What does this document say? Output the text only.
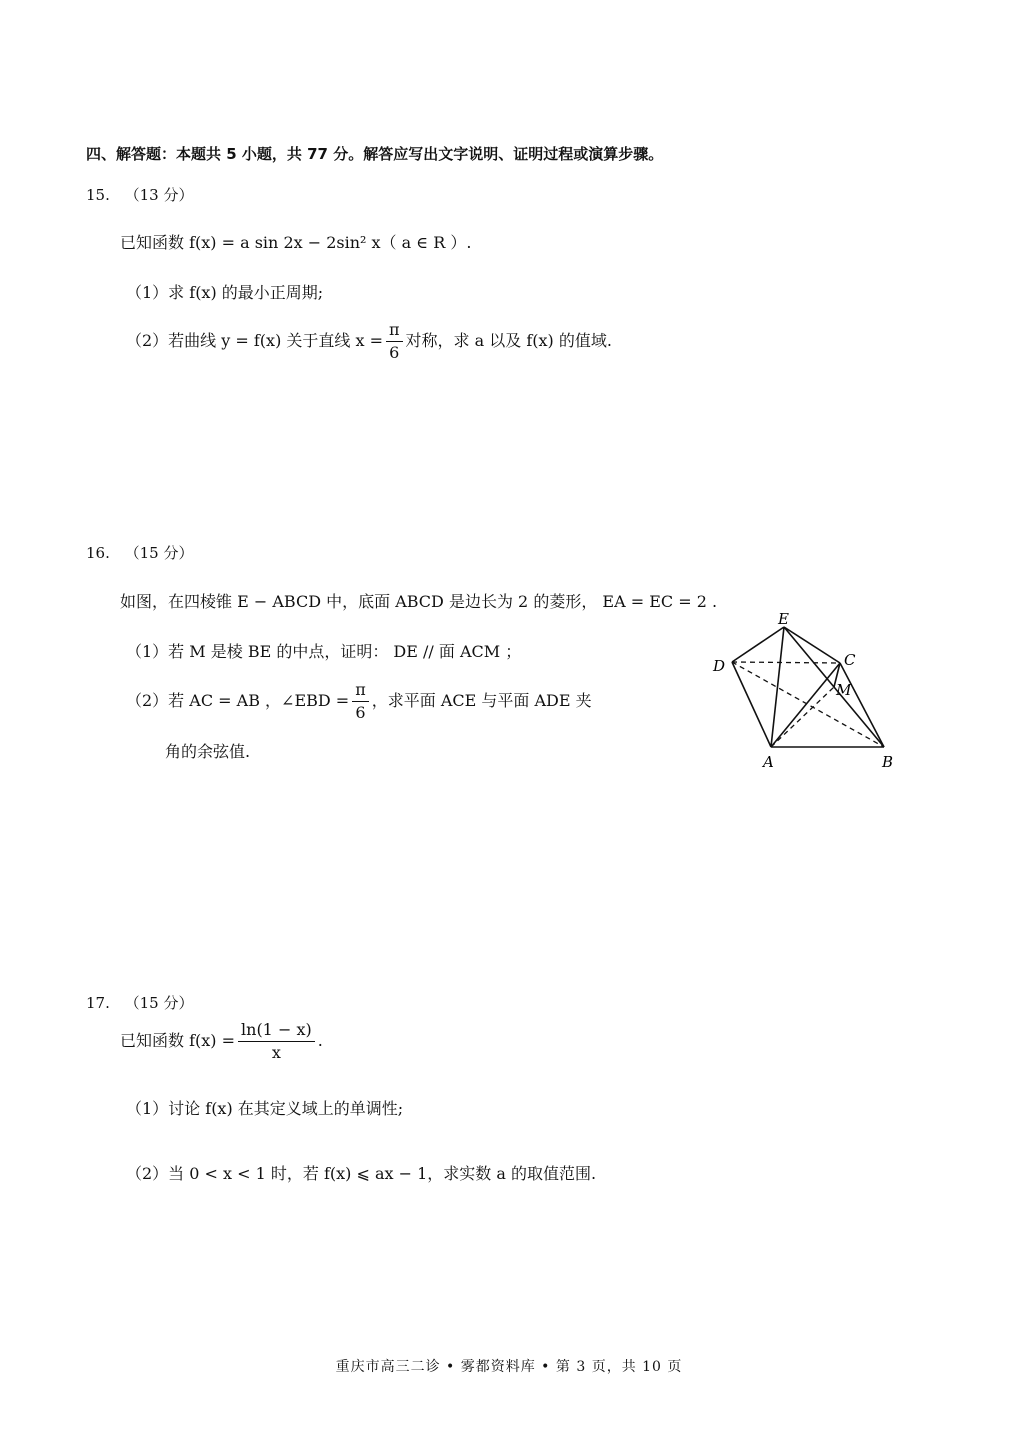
四、解答题：本题共 5 小题，共 77 分。解答应写出文字说明、证明过程或演算步骤。
15. （13 分）
已知函数 f(x) = a sin 2x − 2sin² x（ a ∈ R ）.
（1）求 f(x) 的最小正周期;
（2）若曲线 y = f(x) 关于直线 $x = \frac{\pi}{6}$ 对称，求 a 以及 f(x) 的值域.
16. （15 分）
如图，在四棱锥 E − ABCD 中，底面 ABCD 是边长为 2 的菱形， EA = EC = 2 .
（1）若 M 是棱 BE 的中点，证明： DE // 面 ACM ；
（2）若 AC = AB ，∠EBD = $\frac{\pi}{6}$ ，求平面 ACE 与平面 ADE 夹
角的余弦值.
E
D	C
M
A	B
17. （15 分）
已知函数 $f(x) = \frac{\ln(1 - x)}{x}$ .
（1）讨论 f(x) 在其定义域上的单调性;
（2）当 0 < x < 1 时，若 f(x) ⩽ ax − 1，求实数 a 的取值范围.
重庆市高三二诊 • 雾都资料库 • 第 3 页，共 10 页
